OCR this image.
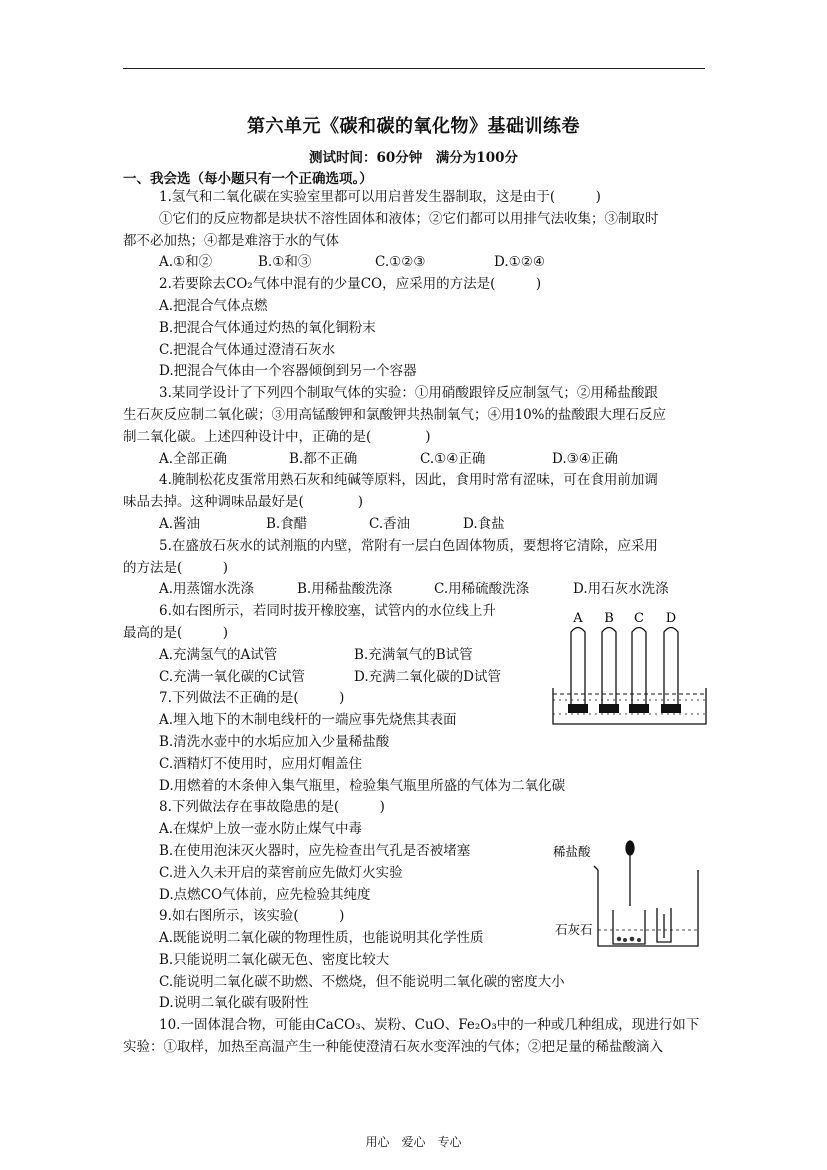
第六单元《碳和碳的氧化物》基础训练卷
测试时间：60分钟　满分为100分
一、我会选（每小题只有一个正确选项。）

1.氢气和二氧化碳在实验室里都可以用启普发生器制取，这是由于(　　　)

①它们的反应物都是块状不溶性固体和液体；②它们都可以用排气法收集；③制取时

都不必加热；④都是难溶于水的气体

A.①和②	B.①和③	C.①②③	D.①②④

2.若要除去CO₂气体中混有的少量CO，应采用的方法是(　　　)

A.把混合气体点燃

B.把混合气体通过灼热的氧化铜粉末

C.把混合气体通过澄清石灰水

D.把混合气体由一个容器倾倒到另一个容器

3.某同学设计了下列四个制取气体的实验：①用硝酸跟锌反应制氢气；②用稀盐酸跟

生石灰反应制二氧化碳；③用高锰酸钾和氯酸钾共热制氧气；④用10%的盐酸跟大理石反应

制二氧化碳。上述四种设计中，正确的是(　　　　)

A.全部正确	B.都不正确	C.①④正确	D.③④正确

4.腌制松花皮蛋常用熟石灰和纯碱等原料，因此，食用时常有涩味，可在食用前加调

味品去掉。这种调味品最好是(　　　　)

A.酱油	B.食醋	C.香油	D.食盐

5.在盛放石灰水的试剂瓶的内壁，常附有一层白色固体物质，要想将它清除，应采用

的方法是(　　　)

A.用蒸馏水洗涤	B.用稀盐酸洗涤	C.用稀硫酸洗涤	D.用石灰水洗涤

6.如右图所示，若同时拔开橡胶塞，试管内的水位线上升

最高的是(　　　)

A.充满氢气的A试管	B.充满氧气的B试管
C.充满一氧化碳的C试管	D.充满二氧化碳的D试管

7.下列做法不正确的是(　　　)

A.埋入地下的木制电线杆的一端应事先烧焦其表面

B.清洗水壶中的水垢应加入少量稀盐酸

C.酒精灯不使用时，应用灯帽盖住

D.用燃着的木条伸入集气瓶里，检验集气瓶里所盛的气体为二氧化碳

8.下列做法存在事故隐患的是(　　　)

A.在煤炉上放一壶水防止煤气中毒

B.在使用泡沫灭火器时，应先检查出气孔是否被堵塞

C.进入久未开启的菜窖前应先做灯火实验

D.点燃CO气体前，应先检验其纯度

9.如右图所示，该实验(　　　)

A.既能说明二氧化碳的物理性质，也能说明其化学性质

B.只能说明二氧化碳无色、密度比较大

C.能说明二氧化碳不助燃、不燃烧，但不能说明二氧化碳的密度大小

D.说明二氧化碳有吸附性

10.一固体混合物，可能由CaCO₃、炭粉、CuO、Fe₂O₃中的一种或几种组成，现进行如下

实验：①取样，加热至高温产生一种能使澄清石灰水变浑浊的气体；②把足量的稀盐酸滴入

A B C D
稀盐酸
石灰石
用心　爱心　专心
